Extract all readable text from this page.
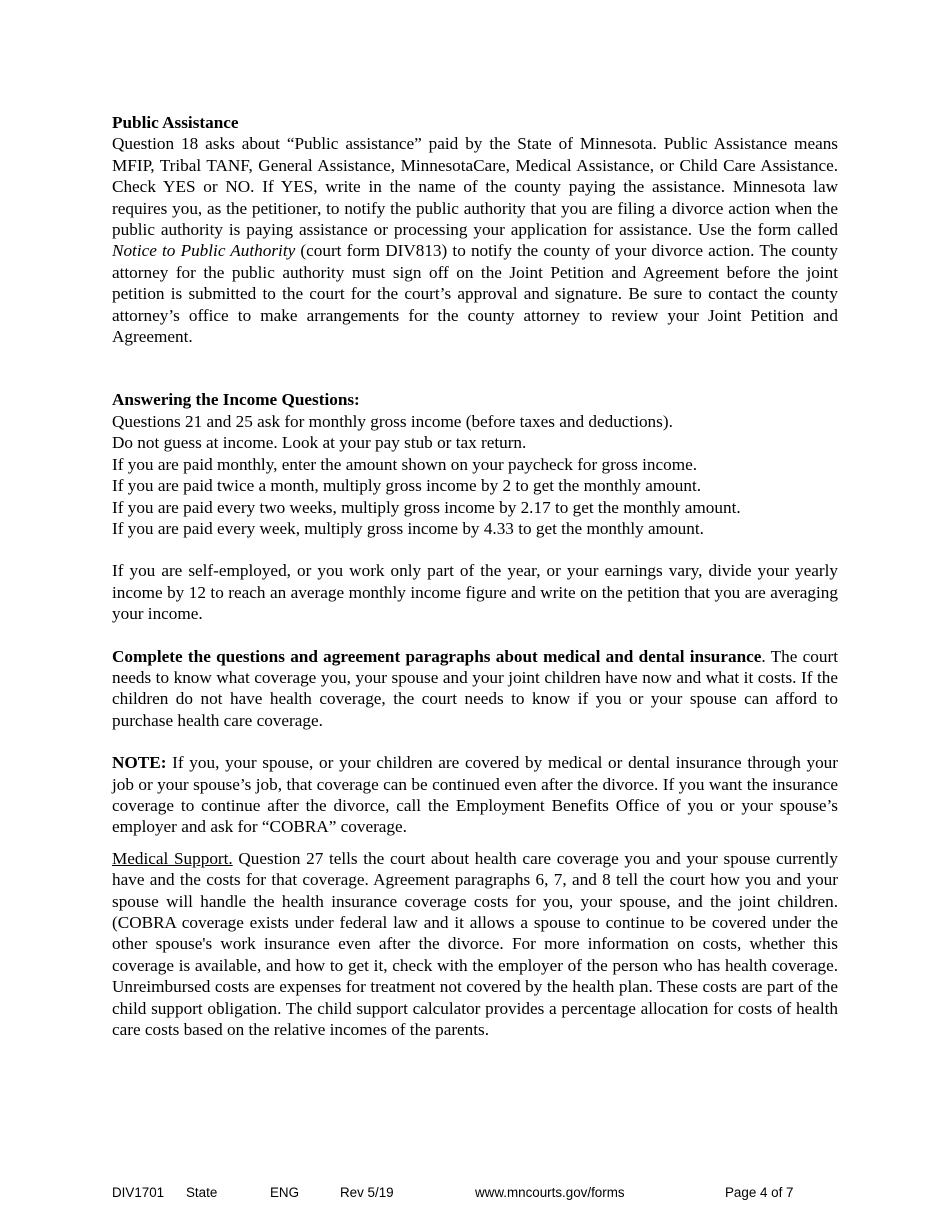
Public Assistance

Question 18 asks about “Public assistance” paid by the State of Minnesota. Public Assistance means MFIP, Tribal TANF, General Assistance, MinnesotaCare, Medical Assistance, or Child Care Assistance. Check YES or NO. If YES, write in the name of the county paying the assistance. Minnesota law requires you, as the petitioner, to notify the public authority that you are filing a divorce action when the public authority is paying assistance or processing your application for assistance. Use the form called Notice to Public Authority (court form DIV813) to notify the county of your divorce action. The county attorney for the public authority must sign off on the Joint Petition and Agreement before the joint petition is submitted to the court for the court’s approval and signature. Be sure to contact the county attorney’s office to make arrangements for the county attorney to review your Joint Petition and Agreement.

Answering the Income Questions:
Questions 21 and 25 ask for monthly gross income (before taxes and deductions).
Do not guess at income. Look at your pay stub or tax return.
If you are paid monthly, enter the amount shown on your paycheck for gross income.
If you are paid twice a month, multiply gross income by 2 to get the monthly amount.
If you are paid every two weeks, multiply gross income by 2.17 to get the monthly amount.
If you are paid every week, multiply gross income by 4.33 to get the monthly amount.

If you are self-employed, or you work only part of the year, or your earnings vary, divide your yearly income by 12 to reach an average monthly income figure and write on the petition that you are averaging your income.

Complete the questions and agreement paragraphs about medical and dental insurance. The court needs to know what coverage you, your spouse and your joint children have now and what it costs. If the children do not have health coverage, the court needs to know if you or your spouse can afford to purchase health care coverage.

NOTE: If you, your spouse, or your children are covered by medical or dental insurance through your job or your spouse’s job, that coverage can be continued even after the divorce. If you want the insurance coverage to continue after the divorce, call the Employment Benefits Office of you or your spouse’s employer and ask for “COBRA” coverage.

Medical Support. Question 27 tells the court about health care coverage you and your spouse currently have and the costs for that coverage. Agreement paragraphs 6, 7, and 8 tell the court how you and your spouse will handle the health insurance coverage costs for you, your spouse, and the joint children. (COBRA coverage exists under federal law and it allows a spouse to continue to be covered under the other spouse's work insurance even after the divorce. For more information on costs, whether this coverage is available, and how to get it, check with the employer of the person who has health coverage. Unreimbursed costs are expenses for treatment not covered by the health plan. These costs are part of the child support obligation. The child support calculator provides a percentage allocation for costs of health care costs based on the relative incomes of the parents.

DIV1701 State	ENG	Rev 5/19	www.mncourts.gov/forms	Page 4 of 7
